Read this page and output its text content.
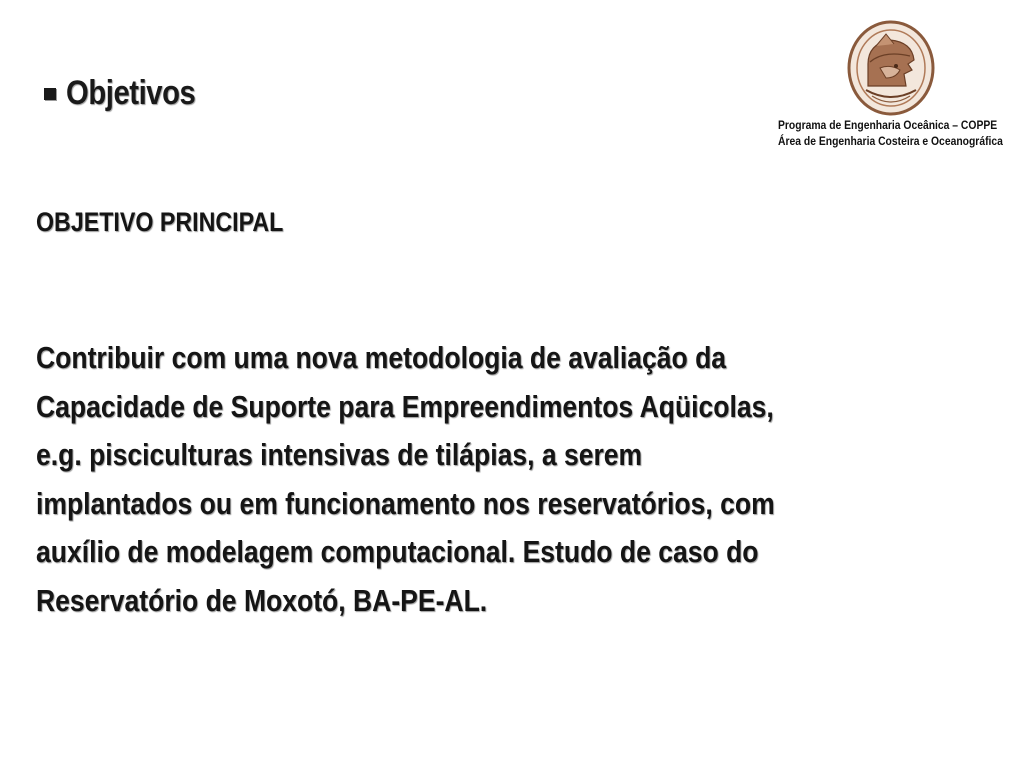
Objetivos
Programa de Engenharia Oceânica – COPPE
Área de Engenharia Costeira e Oceanográfica
OBJETIVO PRINCIPAL

Contribuir com uma nova metodologia de avaliação da
Capacidade de Suporte para Empreendimentos Aqüicolas,
e.g. pisciculturas intensivas de tilápias, a serem
implantados ou em funcionamento nos reservatórios, com
auxílio de modelagem computacional. Estudo de caso do
Reservatório de Moxotó, BA-PE-AL.
